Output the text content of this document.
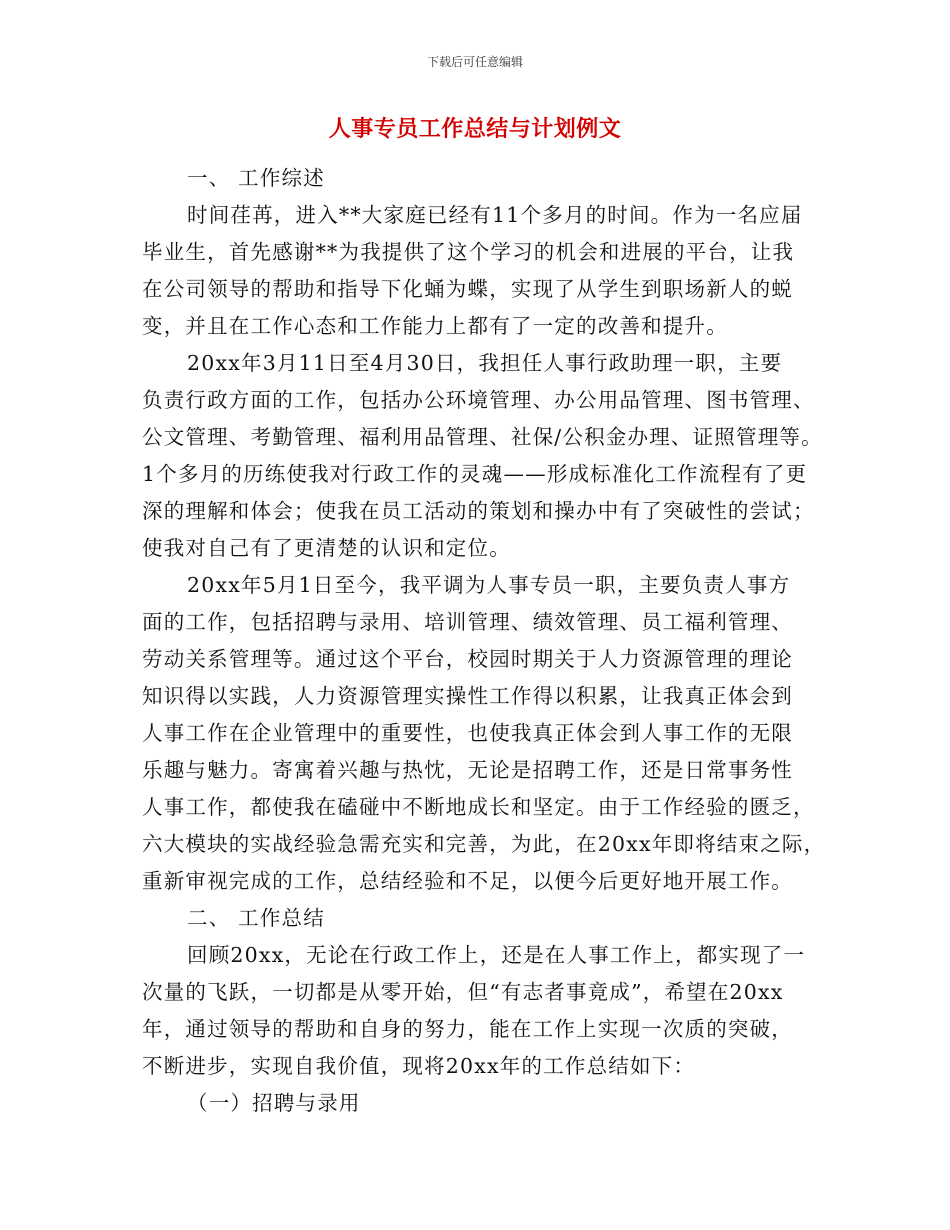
下载后可任意编辑
人事专员工作总结与计划例文
一、 工作综述
时间荏苒，进入**大家庭已经有11个多月的时间。作为一名应届
毕业生，首先感谢**为我提供了这个学习的机会和进展的平台，让我
在公司领导的帮助和指导下化蛹为蝶，实现了从学生到职场新人的蜕
变，并且在工作心态和工作能力上都有了一定的改善和提升。
20xx年3月11日至4月30日，我担任人事行政助理一职，主要
负责行政方面的工作，包括办公环境管理、办公用品管理、图书管理、
公文管理、考勤管理、福利用品管理、社保/公积金办理、证照管理等。
1个多月的历练使我对行政工作的灵魂——形成标准化工作流程有了更
深的理解和体会；使我在员工活动的策划和操办中有了突破性的尝试；
使我对自己有了更清楚的认识和定位。
20xx年5月1日至今，我平调为人事专员一职，主要负责人事方
面的工作，包括招聘与录用、培训管理、绩效管理、员工福利管理、
劳动关系管理等。通过这个平台，校园时期关于人力资源管理的理论
知识得以实践，人力资源管理实操性工作得以积累，让我真正体会到
人事工作在企业管理中的重要性，也使我真正体会到人事工作的无限
乐趣与魅力。寄寓着兴趣与热忱，无论是招聘工作，还是日常事务性
人事工作，都使我在磕碰中不断地成长和坚定。由于工作经验的匮乏，
六大模块的实战经验急需充实和完善，为此，在20xx年即将结束之际，
重新审视完成的工作，总结经验和不足，以便今后更好地开展工作。
二、 工作总结
回顾20xx，无论在行政工作上，还是在人事工作上，都实现了一
次量的飞跃，一切都是从零开始，但“有志者事竟成”，希望在20xx
年，通过领导的帮助和自身的努力，能在工作上实现一次质的突破，
不断进步，实现自我价值，现将20xx年的工作总结如下：
（一）招聘与录用
